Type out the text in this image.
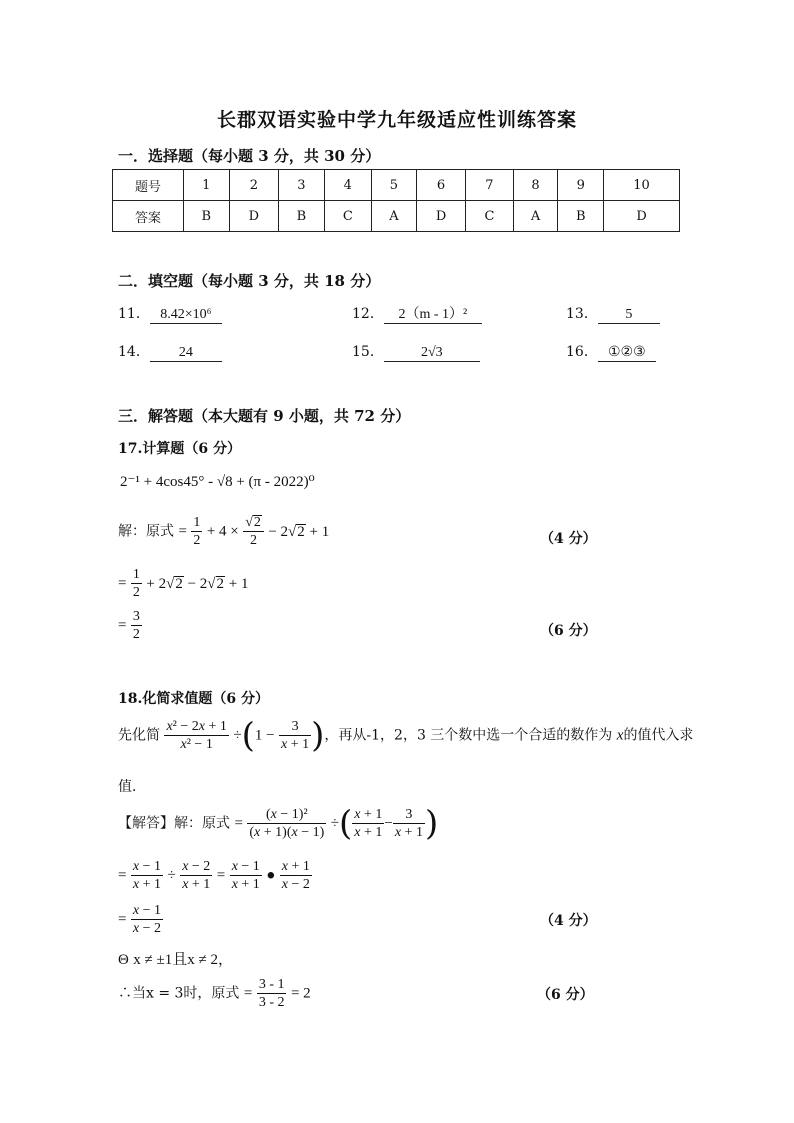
长郡双语实验中学九年级适应性训练答案
一．选择题（每小题 3 分，共 30 分）
题号	1	2	3	4	5	6	7	8	9	10
答案	B	D	B	C	A	D	C	A	B	D
二．填空题（每小题 3 分，共 18 分）
11． 8.42×10⁶	12． 2（m - 1）²	13． 5
14． 24	15．	2√3	16． ①②③
三．解答题（本大题有 9 小题，共 72 分）
17.计算题（6 分）
2⁻¹ + 4cos45° - √8 + (π - 2022)⁰
解：原式 = $\frac{1}{2} + 4 \times \frac{√2}{2} - 2√2 + 1$	（4 分）
= $\frac{1}{2} + 2√2 - 2√2 + 1$
= $\frac{3}{2}$	（6 分）
18.化简求值题（6 分）
先化简 $\frac{\text{x² − 2x + 1}}{\text{x² − 1}} \div(1 - \frac{3}{x + 1}$ )，再从-1，2，3 三个数中选一个合适的数作为 x的值代入求
值．
【解答】解：原式 = $\frac{\text{(x − 1)²}}{(x + 1)(x - 1)}$ ÷( $\frac{x + 1}{x + 1} - \frac{3}{x + 1}$ )
= $\frac{x - 1}{x + 1} \div \frac{x - 2}{x + 1} = \frac{x - 1}{x + 1}$ ● $\frac{x + 1}{x - 2}$
= $\frac{x - 1}{x - 2}$	（4 分）
Θ x ≠ ±1且x ≠ 2，
∴当x = 3时，原式 = $\frac{3 - 1}{3 - 2} = 2$	（6 分）
